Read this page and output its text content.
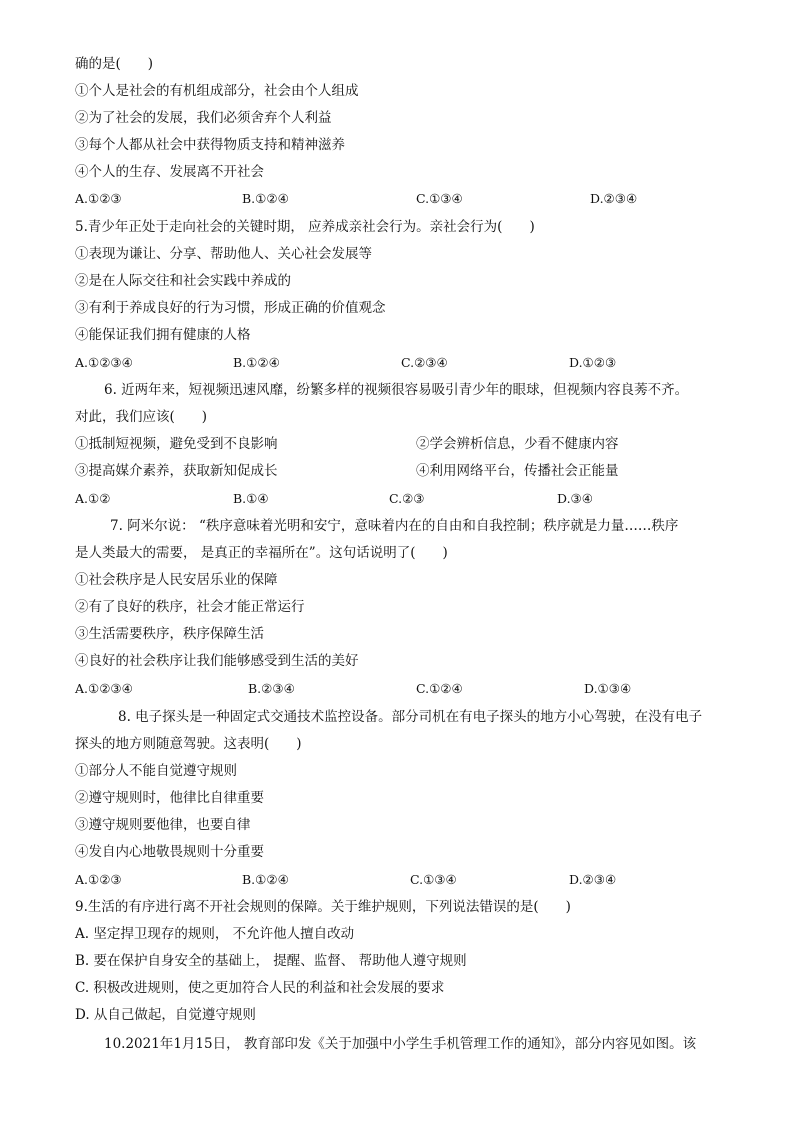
确的是(　　)
①个人是社会的有机组成部分，社会由个人组成
②为了社会的发展，我们必须舍弃个人利益
③每个人都从社会中获得物质支持和精神滋养
④个人的生存、发展离不开社会
A.①②③	B.①②④	C.①③④	D.②③④
5.青少年正处于走向社会的关键时期， 应养成亲社会行为。亲社会行为(　　)
①表现为谦让、分享、帮助他人、关心社会发展等
②是在人际交往和社会实践中养成的
③有利于养成良好的行为习惯，形成正确的价值观念
④能保证我们拥有健康的人格
A.①②③④	B.①②④	C.②③④	D.①②③
6. 近两年来，短视频迅速风靡，纷繁多样的视频很容易吸引青少年的眼球，但视频内容良莠不齐。
对此，我们应该(　　)
①抵制短视频，避免受到不良影响	②学会辨析信息，少看不健康内容
③提高媒介素养，获取新知促成长	④利用网络平台，传播社会正能量
A.①②	B.①④	C.②③	D.③④
7. 阿米尔说： “秩序意味着光明和安宁，意味着内在的自由和自我控制；秩序就是力量……秩序
是人类最大的需要， 是真正的幸福所在”。这句话说明了(　　)
①社会秩序是人民安居乐业的保障
②有了良好的秩序，社会才能正常运行
③生活需要秩序，秩序保障生活
④良好的社会秩序让我们能够感受到生活的美好
A.①②③④	B.②③④	C.①②④	D.①③④
8. 电子探头是一种固定式交通技术监控设备。部分司机在有电子探头的地方小心驾驶，在没有电子
探头的地方则随意驾驶。这表明(　　)
①部分人不能自觉遵守规则
②遵守规则时，他律比自律重要
③遵守规则要他律，也要自律
④发自内心地敬畏规则十分重要
A.①②③	B.①②④	C.①③④	D.②③④
9.生活的有序进行离不开社会规则的保障。关于维护规则，下列说法错误的是(　　)
A. 坚定捍卫现存的规则， 不允许他人擅自改动
B. 要在保护自身安全的基础上， 提醒、监督、 帮助他人遵守规则
C. 积极改进规则，使之更加符合人民的利益和社会发展的要求
D. 从自己做起，自觉遵守规则
10.2021年1月15日， 教育部印发《关于加强中小学生手机管理工作的通知》，部分内容见如图。该
